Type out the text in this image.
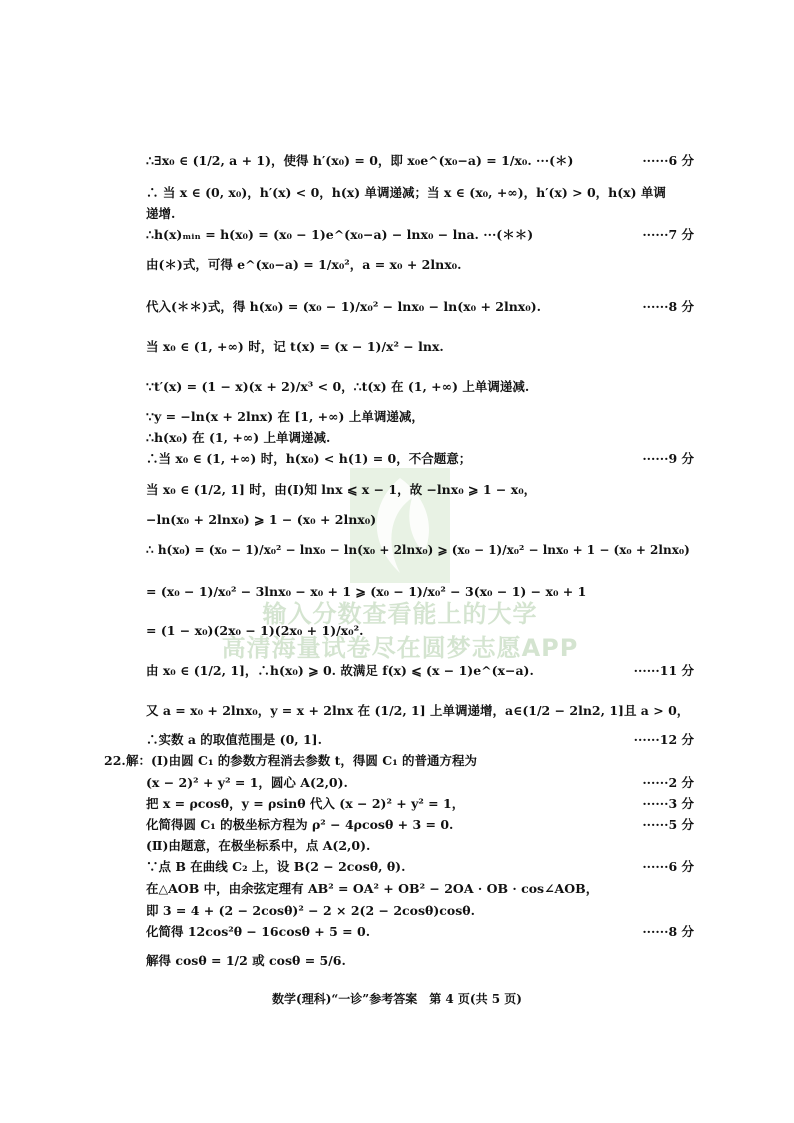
输入分数查看能上的大学
高清海量试卷尽在圆梦志愿APP
∴∃x₀ ∈ (1/2, a + 1)，使得 h′(x₀) = 0，即 x₀e^(x₀−a) = 1/x₀. ···(＊)	······6 分
∴ 当 x ∈ (0, x₀)，h′(x) < 0，h(x) 单调递减；当 x ∈ (x₀, +∞)，h′(x) > 0，h(x) 单调
递增.
∴h(x)ₘᵢₙ = h(x₀) = (x₀ − 1)e^(x₀−a) − lnx₀ − lna. ···(＊＊)	······7 分
由(＊)式，可得 e^(x₀−a) = 1/x₀²，a = x₀ + 2lnx₀.
代入(＊＊)式，得 h(x₀) = (x₀ − 1)/x₀² − lnx₀ − ln(x₀ + 2lnx₀).	······8 分
当 x₀ ∈ (1, +∞) 时，记 t(x) = (x − 1)/x² − lnx.
∵t′(x) = (1 − x)(x + 2)/x³ < 0，∴t(x) 在 (1, +∞) 上单调递减.
∵y = −ln(x + 2lnx) 在 [1, +∞) 上单调递减，
∴h(x₀) 在 (1, +∞) 上单调递减.
∴当 x₀ ∈ (1, +∞) 时，h(x₀) < h(1) = 0，不合题意；	······9 分
当 x₀ ∈ (1/2, 1] 时，由(Ⅰ)知 lnx ⩽ x − 1，故 −lnx₀ ⩾ 1 − x₀，
−ln(x₀ + 2lnx₀) ⩾ 1 − (x₀ + 2lnx₀)
∴ h(x₀) = (x₀ − 1)/x₀² − lnx₀ − ln(x₀ + 2lnx₀) ⩾ (x₀ − 1)/x₀² − lnx₀ + 1 − (x₀ + 2lnx₀)
= (x₀ − 1)/x₀² − 3lnx₀ − x₀ + 1 ⩾ (x₀ − 1)/x₀² − 3(x₀ − 1) − x₀ + 1
= (1 − x₀)(2x₀ − 1)(2x₀ + 1)/x₀².
由 x₀ ∈ (1/2, 1]，∴h(x₀) ⩾ 0. 故满足 f(x) ⩽ (x − 1)e^(x−a).	······11 分
又 a = x₀ + 2lnx₀，y = x + 2lnx 在 (1/2, 1] 上单调递增，a∈(1/2 − 2ln2, 1]且 a > 0，
∴实数 a 的取值范围是 (0, 1].	······12 分
22. 解：(Ⅰ)由圆 C₁ 的参数方程消去参数 t，得圆 C₁ 的普通方程为
(x − 2)² + y² = 1，圆心 A(2,0).	······2 分
把 x = ρcosθ，y = ρsinθ 代入 (x − 2)² + y² = 1，	······3 分
化简得圆 C₁ 的极坐标方程为 ρ² − 4ρcosθ + 3 = 0.	······5 分
(Ⅱ)由题意，在极坐标系中，点 A(2,0).
∵点 B 在曲线 C₂ 上，设 B(2 − 2cosθ, θ).	······6 分
在△AOB 中，由余弦定理有 AB² = OA² + OB² − 2OA · OB · cos∠AOB，
即 3 = 4 + (2 − 2cosθ)² − 2 × 2(2 − 2cosθ)cosθ.
化简得 12cos²θ − 16cosθ + 5 = 0.	······8 分
解得 cosθ = 1/2 或 cosθ = 5/6.
数学(理科)“一诊”参考答案　第 4 页(共 5 页)
